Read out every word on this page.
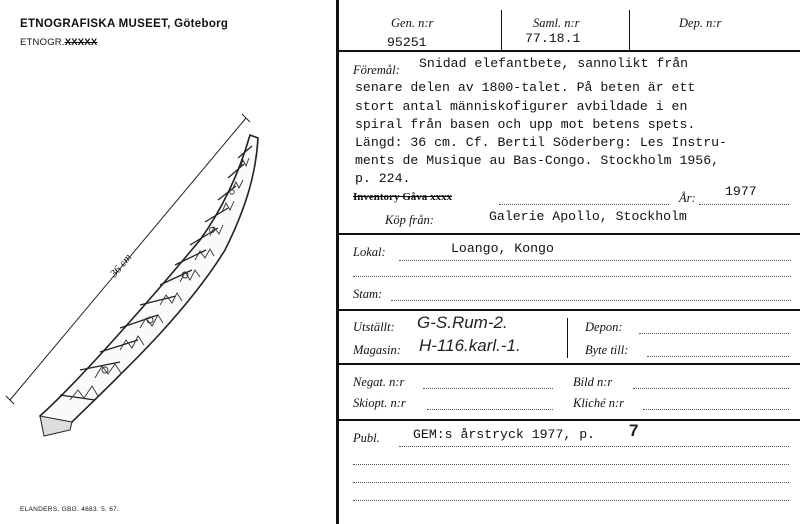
ETNOGRAFISKA MUSEET, Göteborg
ETNOGR.XXXXX
36 cm
ELANDERS. GBG. 4683. 5. 67.
Gen. n:r
95251
Saml. n:r
77.18.1
Dep. n:r
Föremål: Snidad elefantbete, sannolikt från
senare delen av 1800-talet. På beten är ett
stort antal människofigurer avbildade i en
spiral från basen och upp mot betens spets.
Längd: 36 cm. Cf. Bertil Söderberg: Les Instru-
ments de Musique au Bas-Congo. Stockholm 1956,
p. 224.
Inventory Gåva xxxx	År: 1977
Köp från:	Galerie Apollo, Stockholm
Lokal:	Loango, Kongo
Stam:
Utställt: G-S.Rum-2.
Magasin: H-116.karl.-1.
Depon:
Byte till:
Negat. n:r	Bild n:r
Skiopt. n:r	Kliché n:r
Publ.	GEM:s årstryck 1977, p. 7
